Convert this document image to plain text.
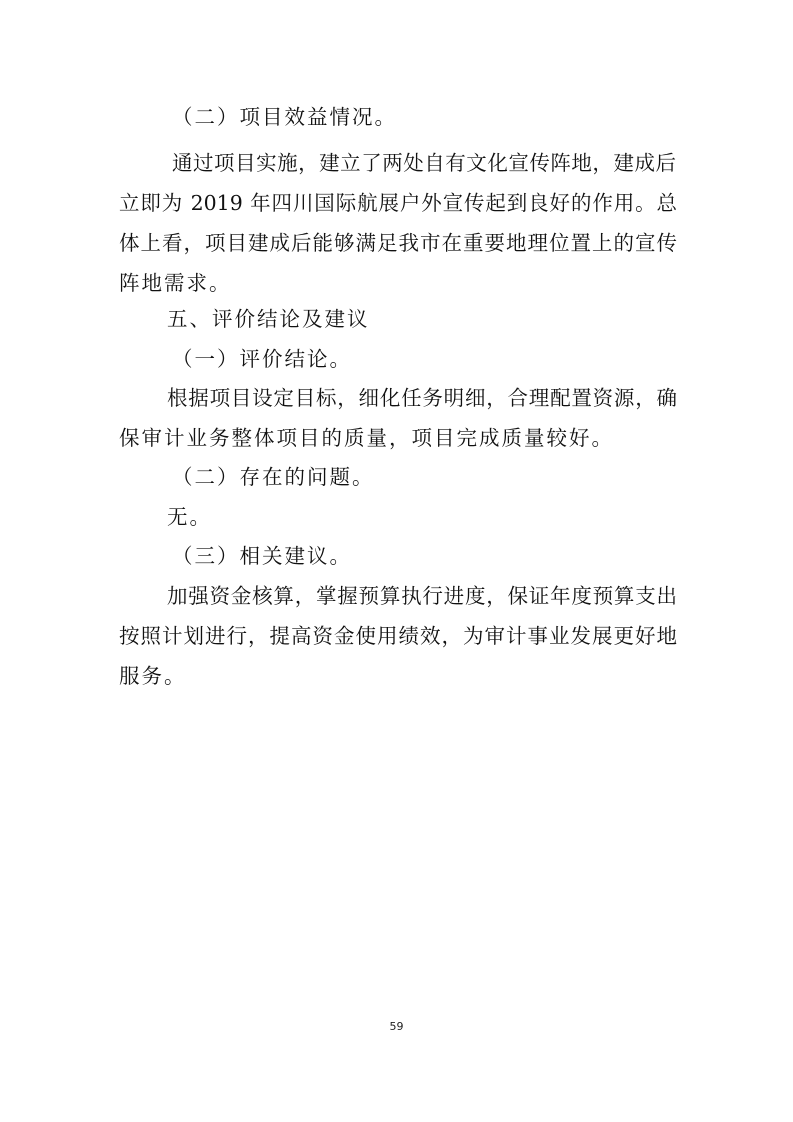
（二）项目效益情况。
通过项目实施，建立了两处自有文化宣传阵地，建成后
立即为 2019 年四川国际航展户外宣传起到良好的作用。总
体上看，项目建成后能够满足我市在重要地理位置上的宣传
阵地需求。
五、评价结论及建议
（一）评价结论。
根据项目设定目标，细化任务明细，合理配置资源，确
保审计业务整体项目的质量，项目完成质量较好。
（二）存在的问题。
无。
（三）相关建议。
加强资金核算，掌握预算执行进度，保证年度预算支出
按照计划进行，提高资金使用绩效，为审计事业发展更好地
服务。
59
